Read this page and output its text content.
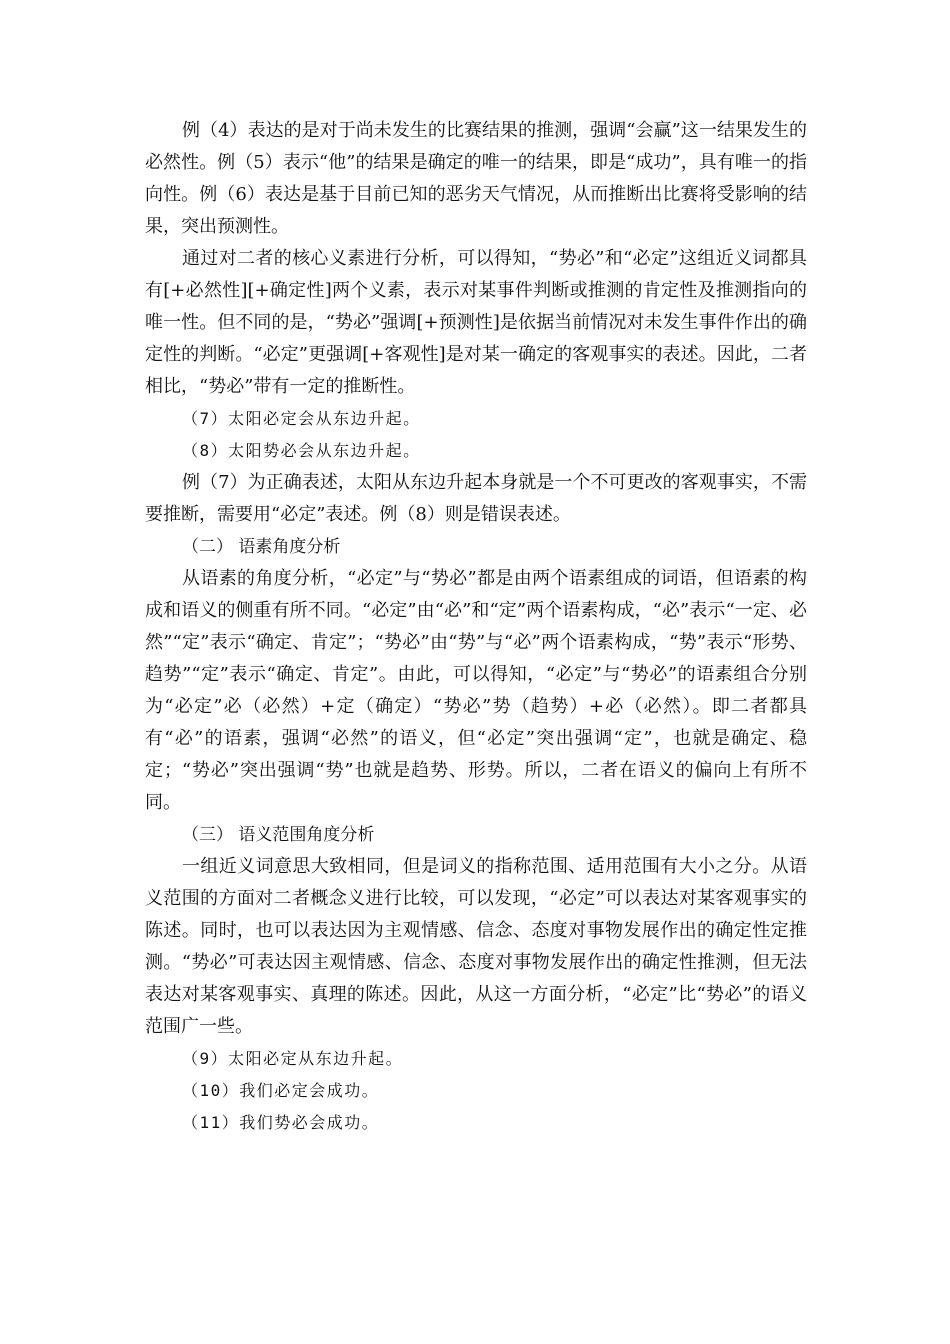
例（4）表达的是对于尚未发生的比赛结果的推测，强调“会赢”这一结果发生的必然性。例（5）表示“他”的结果是确定的唯一的结果，即是“成功”，具有唯一的指向性。例（6）表达是基于目前已知的恶劣天气情况，从而推断出比赛将受影响的结果，突出预测性。

通过对二者的核心义素进行分析，可以得知，“势必”和“必定”这组近义词都具有[+必然性][+确定性]两个义素，表示对某事件判断或推测的肯定性及推测指向的唯一性。但不同的是，“势必”强调[+预测性]是依据当前情况对未发生事件作出的确定性的判断。“必定”更强调[+客观性]是对某一确定的客观事实的表述。因此，二者相比，“势必”带有一定的推断性。

（7）太阳必定会从东边升起。

（8）太阳势必会从东边升起。

例（7）为正确表述，太阳从东边升起本身就是一个不可更改的客观事实，不需要推断，需要用“必定”表述。例（8）则是错误表述。

（二） 语素角度分析

从语素的角度分析，“必定”与“势必”都是由两个语素组成的词语，但语素的构成和语义的侧重有所不同。“必定”由“必”和“定”两个语素构成，“必”表示“一定、必然”“定”表示“确定、肯定”；“势必”由“势”与“必”两个语素构成，“势”表示“形势、趋势”“定”表示“确定、肯定”。由此，可以得知，“必定”与“势必”的语素组合分别为“必定”必（必然）+定（确定）“势必”势（趋势）+必（必然）。即二者都具有“必”的语素，强调“必然”的语义，但“必定”突出强调“定”，也就是确定、稳定；“势必”突出强调“势”也就是趋势、形势。所以，二者在语义的偏向上有所不同。

（三） 语义范围角度分析

一组近义词意思大致相同，但是词义的指称范围、适用范围有大小之分。从语义范围的方面对二者概念义进行比较，可以发现，“必定”可以表达对某客观事实的陈述。同时，也可以表达因为主观情感、信念、态度对事物发展作出的确定性定推测。“势必”可表达因主观情感、信念、态度对事物发展作出的确定性推测，但无法表达对某客观事实、真理的陈述。因此，从这一方面分析，“必定”比“势必”的语义范围广一些。

（9）太阳必定从东边升起。

（10）我们必定会成功。

（11）我们势必会成功。
